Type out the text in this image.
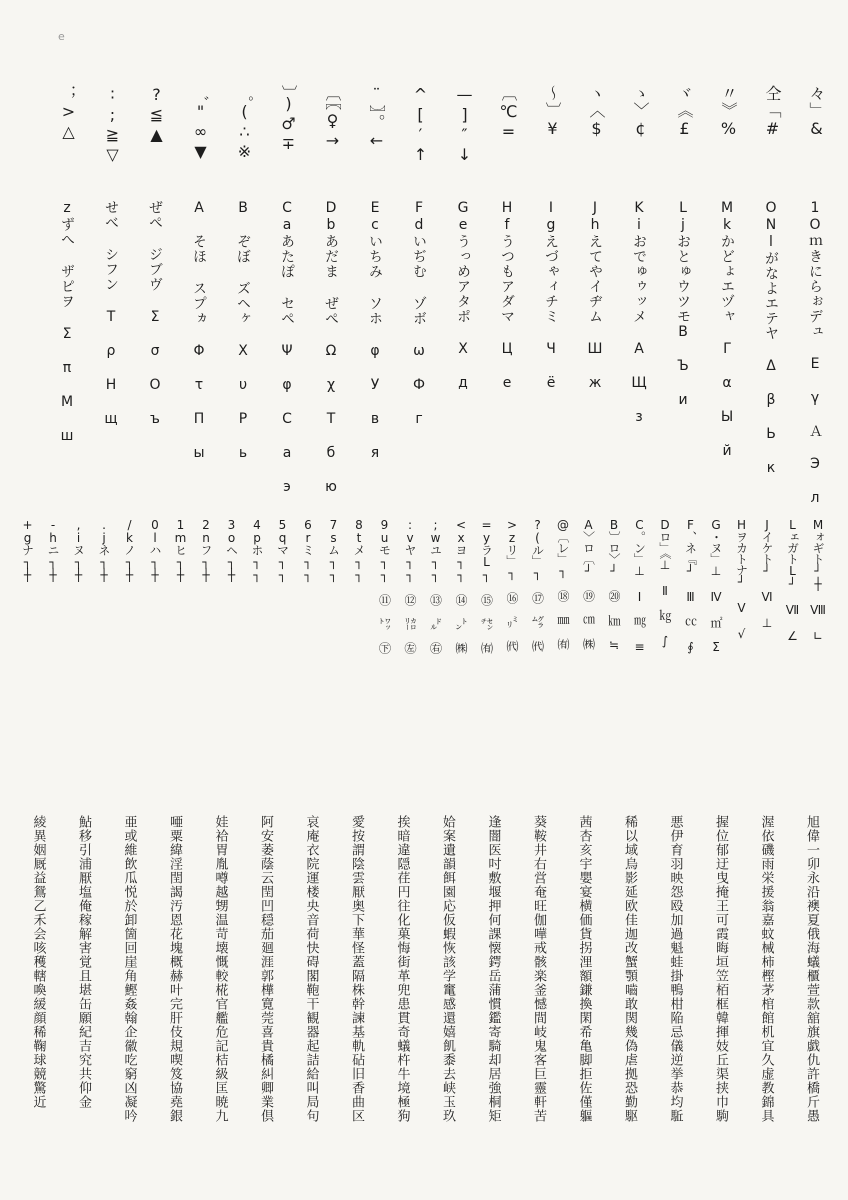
e
々」&
仝「#
〃》%
ヾ《£
ゝ〉¢
ヽ〈$
〜〕¥
〔℃=
—]″↓
^[′↑
¨〗。←
〔〖♀→
〕)♂∓
゜(∴※
゛"∞▼
?≦▲
∶;≧▽
；>△
1Oｍきにらぉデュ E γ Ａ Э л
ONlがなよエテヤ Δ β Ь к
Mkかどょエヅャ Γ α Ы й
LjおとゅウツモB Ъ и
Kiおでゅゥッメ A Щ з
Jhえてやイヂム Ш ж
Igえづゃィチミ Ч ё
Hfうつもアダマ Ц е
Geうっめアタポ Х д
Fdいぢむ ゾボ ω Ф г
Ecいちみ ソホ φ У в я
Dbあだま ぜぺ Ω χ Т б ю
Caあたぽ セペ Ψ φ С а э
B ぞぼ ズヘヶ X υ Р ь
A そほ スプヵ Φ τ П ы
ぜぺ ジブヴ Σ σ О ъ
せべ シフン Τ ρ Н щ
zずへ ザピヲ Σ π М ш
Mォギト┘┼ Ⅷ ∟
LェガトL┘ Ⅶ ∠
Jイケト┘ Ⅵ ⊥
Hヲカトナ┘ Ⅴ √
G・ヌ」⊥ Ⅳ ㎡ Σ
F、ネ『┘ Ⅲ ㏄ ∮
Dロ」《⊥ Ⅱ ㎏ ∫
C。ン」⊥ Ⅰ ㎎ ≡
B〕ロ〉┘ ⑳ ㎞ ≒
A〉ロ〔┘ ⑲ ㎝ ㈱
@〔レ」┐ ⑱ ㎜ ㈲
?(ル」┐ ⑰ ㌘ ㈹
>zリ」┐ ⑯ ㍉ ㈹
=yラL┐ ⑮ ㌢ ㈲
<xヨ┐┐ ⑭ ㌧ ㈱
;wユ┐┐ ⑬ ㌦ ㊨
:vヤ┐┐ ⑫ ㌍ ㊧
9uモ┐┐ ⑪ ㍗ ㊦
8tメ┐┐
7sム┐┐
6rミ┐┐
5qマ┐┐
4pホ┐┐
3oヘ┐┼
2nフ┐┼
1mヒ┐┼
0lハ┐┼
/kノ┐┼
.jネ┐┼
,iヌ┐┼
-hニ┐┼
+gナ┐┼
旭偉一卯永沿襖夏俄海蟻櫃萱款舘旗戯仇許橋斤愚
渥依磯雨栄援翁嘉蚊械柿樫茅棺館机宜久虚教錦具
握位郁迂曳掩王可霞晦垣笠栢框韓揮妓丘渠挟巾駒
悪伊育羽映怨殴加過魁蛙掛鴨柑陥忌儀逆挙恭均駈
稀以域烏影延欧佳迦改蟹顎嚙敢関幾偽虐拠恐勤駆
茜杏亥宇嬰宴横価貨拐浬額鎌換閑希亀脚拒佐僅軀
葵鞍井右営奄旺伽嘩戒骸楽釜憾間岐鬼客巨靈軒苦
逢闇医吋敷堰押何課懐鍔岳蒲慣鑑寄騎却居強桐矩
姶案遺韻餌園応仮蝦恢該学竃感還嬉飢黍去峡玉玖
挨暗違隠荏円往化菓悔街革兜患貫奇蟻杵牛境極狗
愛按謂陰雲厭奥下華怪蓋隔株幹諫基軌砧旧香曲区
哀庵衣院運楼央音荷快碍閣鞄干観器起詰給叫局句
阿安萎蔭云閏凹穏茄廻涯郭樺寛莞喜貴橘糾卿業倶
娃袷胃胤噂越甥温苛壊慨較椛官艦危記桔級匡暁九
唖粟緯淫閏謁汚恩花塊概赫叶完肝伎規喫笈協堯銀
亜或維飲瓜悦於卸箇回崖角鰹姦翰企徽吃窮凶凝吟
鮎移引浦厭塩俺稼解害覚且堪缶願紀吉究共仰金
綾異姻厩益鴛乙禾会咳穫轄喚緩顔稀鞠球競驚近
